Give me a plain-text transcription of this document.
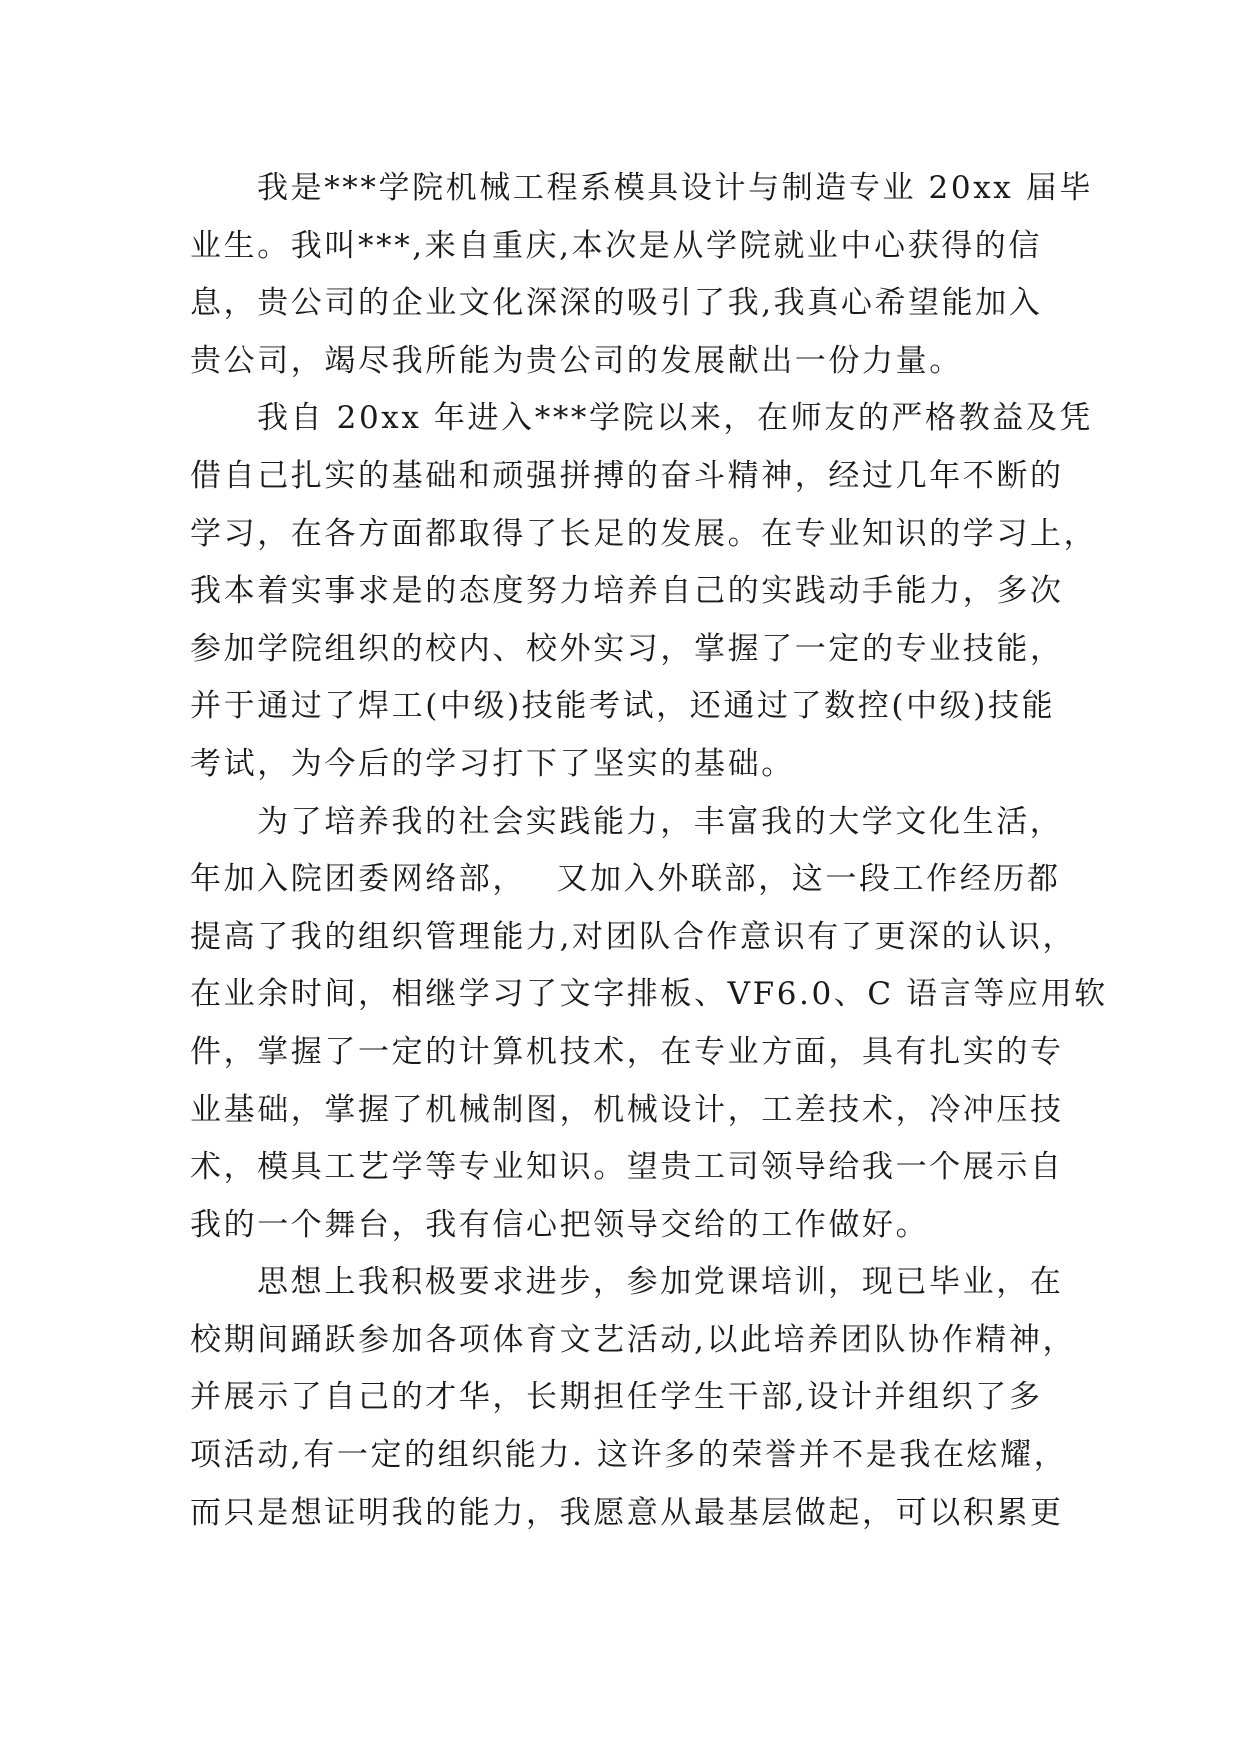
我是***学院机械工程系模具设计与制造专业 20xx 届毕
业生。我叫***,来自重庆,本次是从学院就业中心获得的信
息，贵公司的企业文化深深的吸引了我,我真心希望能加入
贵公司，竭尽我所能为贵公司的发展献出一份力量。
我自 20xx 年进入***学院以来，在师友的严格教益及凭
借自己扎实的基础和顽强拼搏的奋斗精神，经过几年不断的
学习，在各方面都取得了长足的发展。在专业知识的学习上，
我本着实事求是的态度努力培养自己的实践动手能力，多次
参加学院组织的校内、校外实习，掌握了一定的专业技能，
并于通过了焊工(中级)技能考试，还通过了数控(中级)技能
考试，为今后的学习打下了坚实的基础。
为了培养我的社会实践能力，丰富我的大学文化生活，
年加入院团委网络部，　 又加入外联部，这一段工作经历都
提高了我的组织管理能力,对团队合作意识有了更深的认识，
在业余时间，相继学习了文字排板、VF6.0、C 语言等应用软
件，掌握了一定的计算机技术，在专业方面，具有扎实的专
业基础，掌握了机械制图，机械设计，工差技术，冷冲压技
术，模具工艺学等专业知识。望贵工司领导给我一个展示自
我的一个舞台，我有信心把领导交给的工作做好。
思想上我积极要求进步，参加党课培训，现已毕业，在
校期间踊跃参加各项体育文艺活动,以此培养团队协作精神，
并展示了自己的才华，长期担任学生干部,设计并组织了多
项活动,有一定的组织能力. 这许多的荣誉并不是我在炫耀，
而只是想证明我的能力，我愿意从最基层做起，可以积累更
